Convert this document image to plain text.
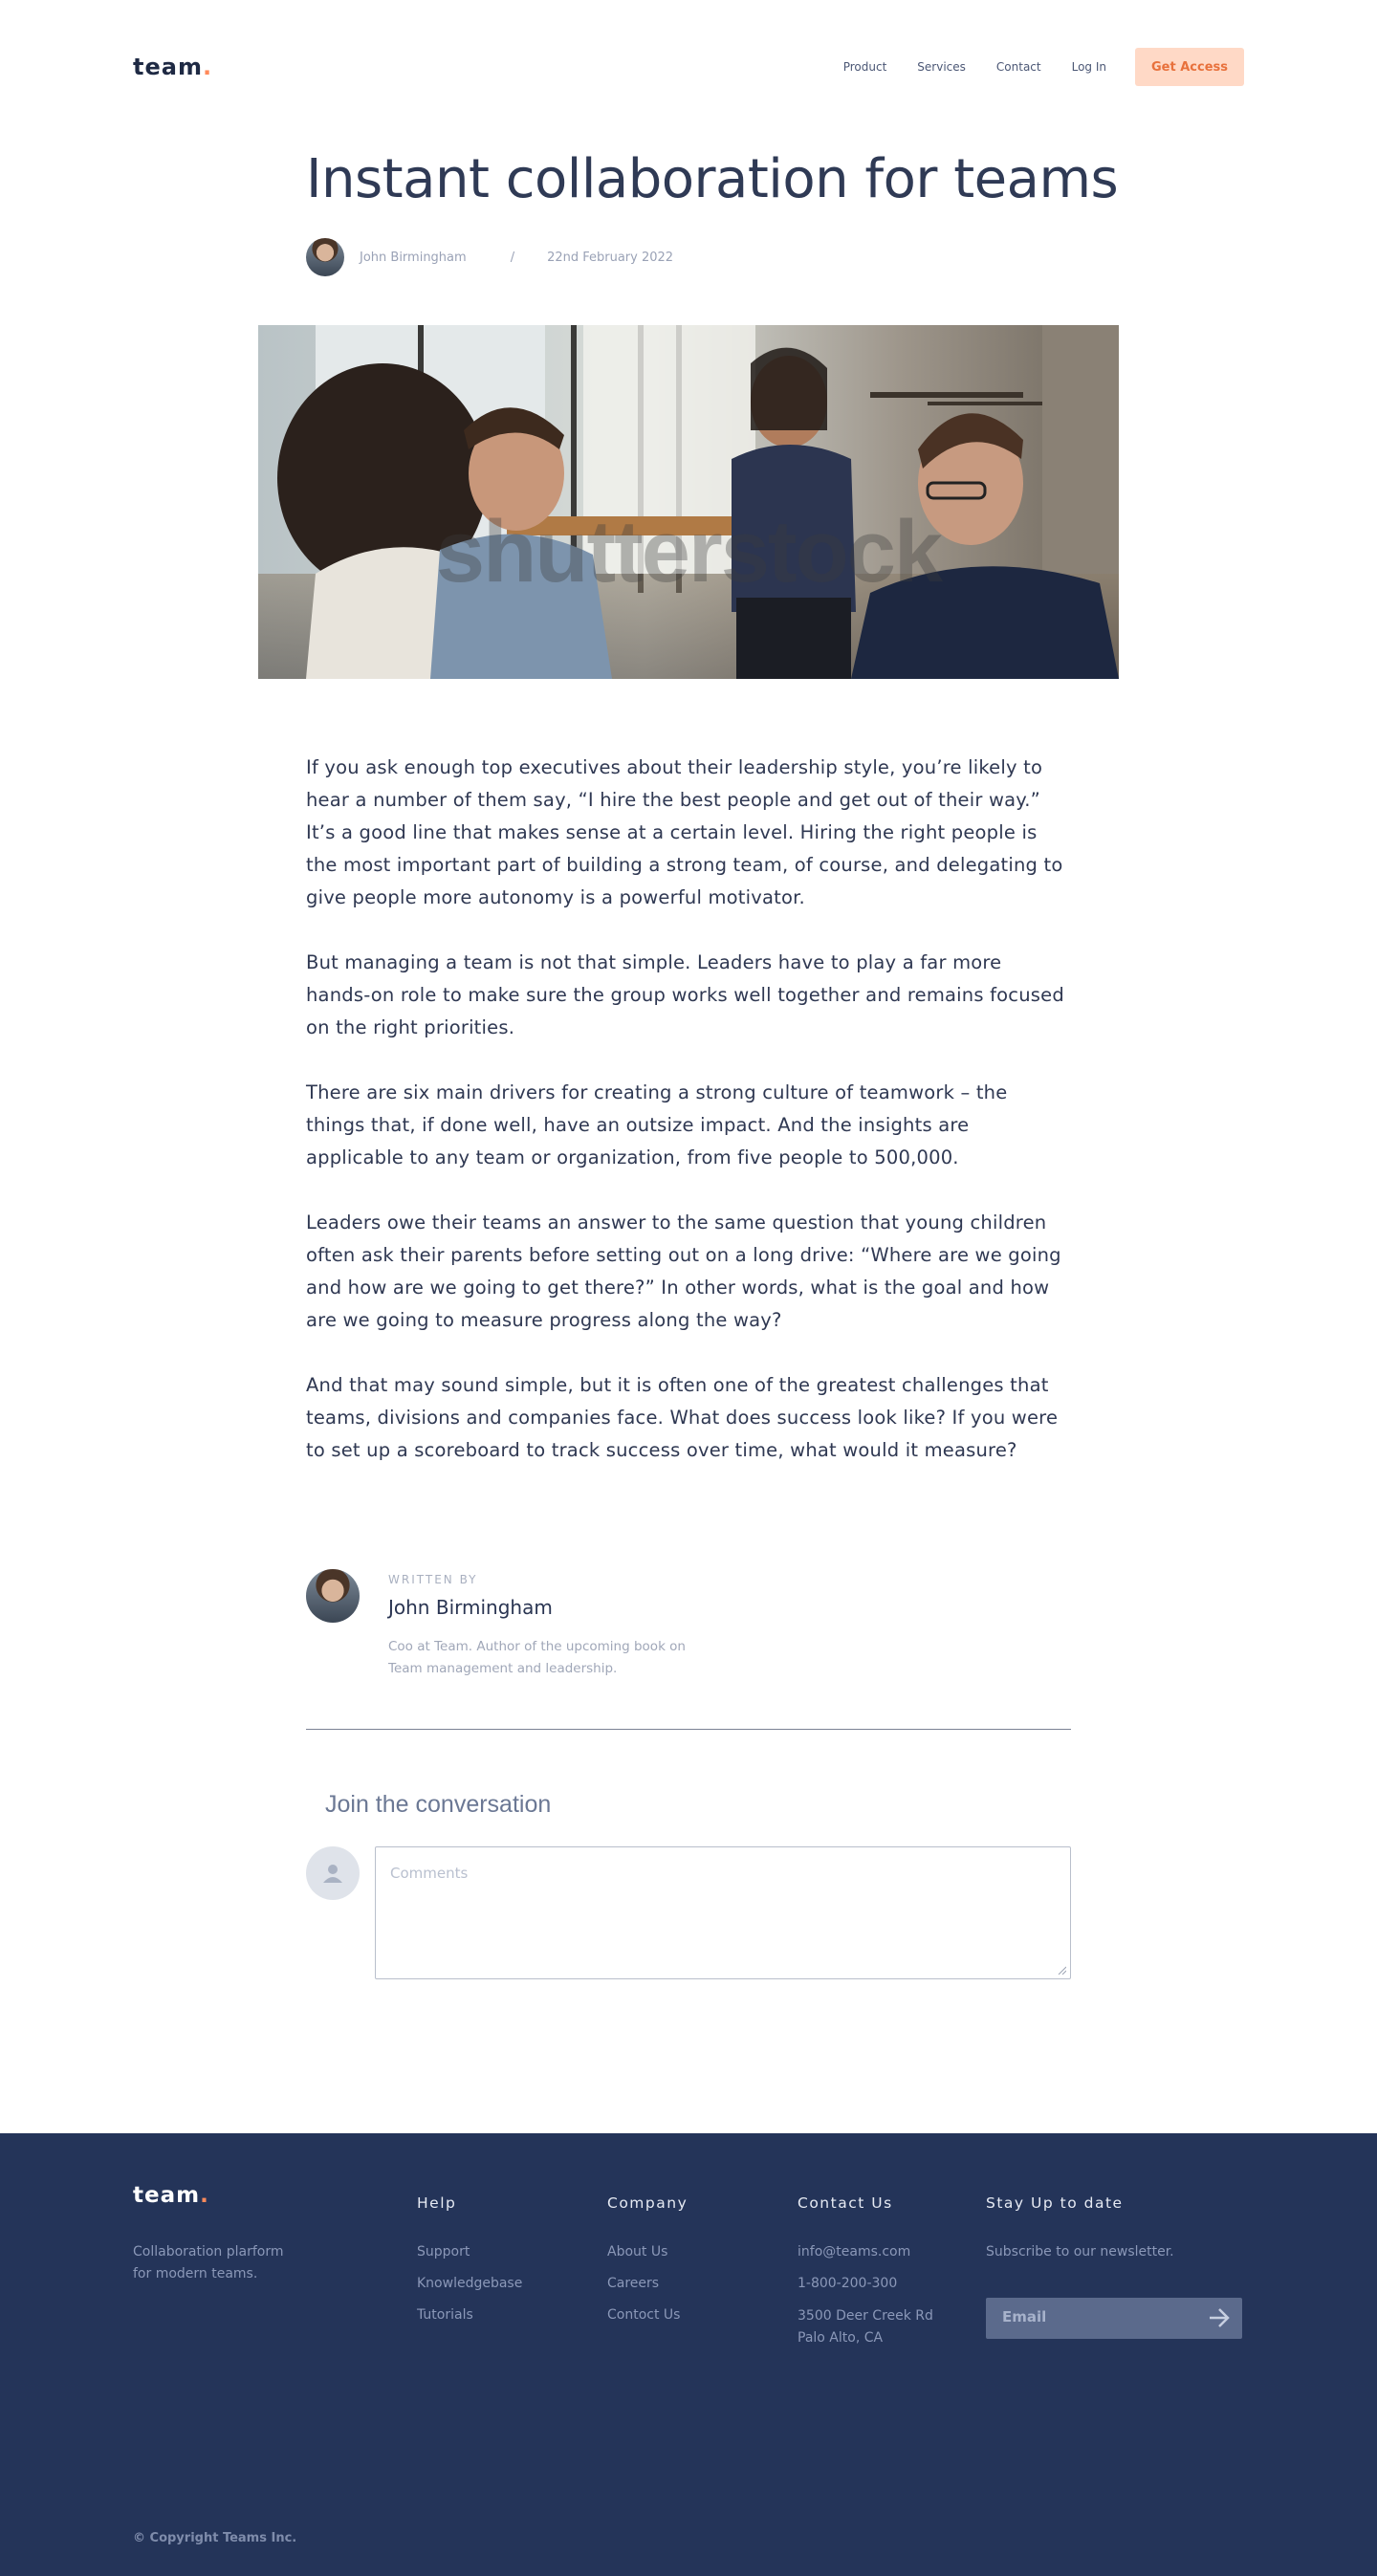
team.	Product	Services	Contact	Log In	Get Access
Instant collaboration for teams
John Birmingham	/	22nd February 2022
shutterstock

If you ask enough top executives about their leadership style, you’re likely to hear a number of them say, “I hire the best people and get out of their way.” It’s a good line that makes sense at a certain level. Hiring the right people is the most important part of building a strong team, of course, and delegating to give people more autonomy is a powerful motivator.

But managing a team is not that simple. Leaders have to play a far more hands-on role to make sure the group works well together and remains focused on the right priorities.

There are six main drivers for creating a strong culture of teamwork – the things that, if done well, have an outsize impact. And the insights are applicable to any team or organization, from five people to 500,000.

Leaders owe their teams an answer to the same question that young children often ask their parents before setting out on a long drive: “Where are we going and how are we going to get there?” In other words, what is the goal and how are we going to measure progress along the way?

And that may sound simple, but it is often one of the greatest challenges that teams, divisions and companies face. What does success look like? If you were to set up a scoreboard to track success over time, what would it measure?

WRITTEN BY
John Birmingham
Coo at Team. Author of the upcoming book on Team management and leadership.
Join the conversation
Comments
team.
Collaboration plarform for modern teams.
Help
Support
Knowledgebase
Tutorials
Company
About Us
Careers
Contoct Us
Contact Us
info@teams.com
1-800-200-300
3500 Deer Creek Rd
Palo Alto, CA
Stay Up to date
Subscribe to our newsletter.
Email
© Copyright Teams Inc.
